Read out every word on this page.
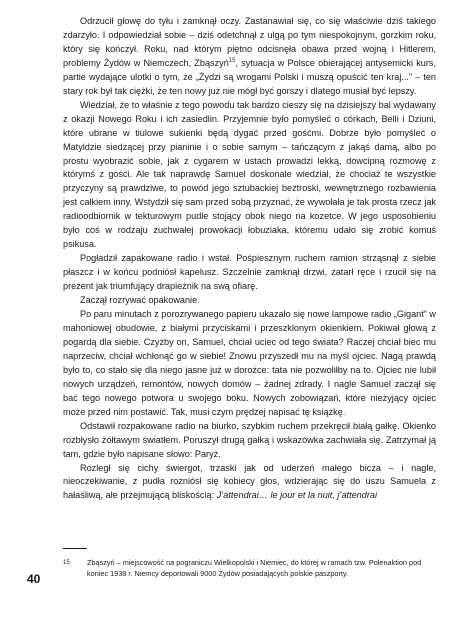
Odrzucił głowę do tyłu i zamknął oczy. Zastanawiał się, co się właściwie dziś takiego zdarzyło. I odpowiedział sobie – dziś odetchnął z ulgą po tym niespokojnym, gorzkim roku, który się kończył. Roku, nad którym piętno odcisnęła obawa przed wojną i Hitlerem, problemy Żydów w Niemczech, Zbąszyń$^{15}$, sytuacja w Polsce obierającej antysemicki kurs, partie wydające ulotki o tym, że „Żydzi są wrogami Polski i muszą opuścić ten kraj...” – ten stary rok był tak ciężki, że ten nowy już nie mógł być gorszy i dlatego musiał być lepszy.

Wiedział, że to właśnie z tego powodu tak bardzo cieszy się na dzisiejszy bal wydawany z okazji Nowego Roku i ich zasiedlin. Przyjemnie było pomyśleć o córkach, Belli i Dziuni, które ubrane w tiulowe sukienki będą dygać przed gośćmi. Dobrze było pomyśleć o Matyldzie siedzącej przy pianinie i o sobie samym – tańczącym z jakąś damą, albo po prostu wyobrazić sobie, jak z cygarem w ustach prowadzi lekką, dowcipną rozmowę z którymś z gości. Ale tak naprawdę Samuel doskonale wiedział, że chociaż te wszystkie przyczyny są prawdziwe, to powód jego sztubackiej beztroski, wewnętrznego rozbawienia jest całkiem inny. Wstydził się sam przed sobą przyznać, że wywołała je tak prosta rzecz jak radioodbiornik w tekturowym pudle stojący obok niego na kozetce. W jego usposobieniu było coś w rodzaju zuchwałej prowokacji łobuziaka, któremu udało się zrobić komuś psikusa.

Pogładził zapakowane radio i wstał. Pośpiesznym ruchem ramion strząsnął z siebie płaszcz i w końcu podniósł kapelusz. Szczelnie zamknął drzwi, zatarł ręce i rzucił się na prezent jak triumfujący drapieżnik na swą ofiarę.

Zaczął rozrywać opakowanie.

Po paru minutach z porozrywanego papieru ukazało się nowe lampowe radio „Gigant” w mahoniowej obudowie, z białymi przyciskami i przeszklonym okienkiem. Pokiwał głową z pogardą dla siebie. Czyżby on, Samuel, chciał uciec od tego świata? Raczej chciał biec mu naprzeciw, chciał wchłonąć go w siebie! Znowu przyszedł mu na myśl ojciec. Nagą prawdą było to, co stało się dla niego jasne już w dorożce: tata nie pozwoliłby na to. Ojciec nie lubił nowych urządzeń, remontów, nowych domów – żadnej zdrady. I nagle Samuel zaczął się bać tego nowego potwora u swojego boku. Nowych zobowiązań, które nieżyjący ojciec może przed nim postawić. Tak, musi czym prędzej napisać tę książkę.

Odstawił rozpakowane radio na biurko, szybkim ruchem przekręcił białą gałkę. Okienko rozbłysło żółtawym światłem. Poruszył drugą gałką i wskazówka zachwiała się. Zatrzymał ją tam, gdzie było napisane słowo: Paryż.

Rozległ się cichy świergot, trzaski jak od uderzeń małego bicza – i nagle, nieoczekiwanie, z pudła rozniósł się kobiecy głos, wdzierając się do uszu Samuela z hałaśliwą, ale przejmującą bliskością: J’attendrai… le jour et la nuit, j’attendrai

15 Zbąszyń – miejscowość na pograniczu Wielkopolski i Niemiec, do której w ramach tzw. Polenaktion pod koniec 1938 r. Niemcy deportowali 9000 Żydów posiadających polskie paszporty.
40
